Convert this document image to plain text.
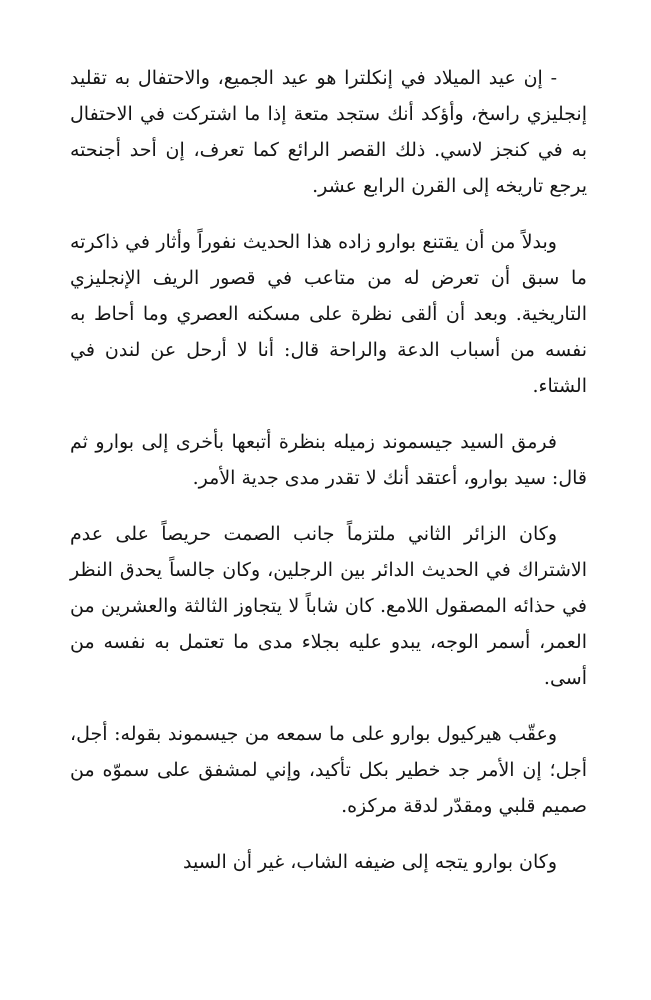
- إن عيد الميلاد في إنكلترا هو عيد الجميع، والاحتفال به تقليد إنجليزي راسخ، وأؤكد أنك ستجد متعة إذا ما اشتركت في الاحتفال به في كنجز لاسي. ذلك القصر الرائع كما تعرف، إن أحد أجنحته يرجع تاريخه إلى القرن الرابع عشر.

وبدلاً من أن يقتنع بوارو زاده هذا الحديث نفوراً وأثار في ذاكرته ما سبق أن تعرض له من متاعب في قصور الريف الإنجليزي التاريخية. وبعد أن ألقى نظرة على مسكنه العصري وما أحاط به نفسه من أسباب الدعة والراحة قال: أنا لا أرحل عن لندن في الشتاء.

فرمق السيد جيسموند زميله بنظرة أتبعها بأخرى إلى بوارو ثم قال: سيد بوارو، أعتقد أنك لا تقدر مدى جدية الأمر.

وكان الزائر الثاني ملتزماً جانب الصمت حريصاً على عدم الاشتراك في الحديث الدائر بين الرجلين، وكان جالساً يحدق النظر في حذائه المصقول اللامع. كان شاباً لا يتجاوز الثالثة والعشرين من العمر، أسمر الوجه، يبدو عليه بجلاء مدى ما تعتمل به نفسه من أسى.

وعقّب هيركيول بوارو على ما سمعه من جيسموند بقوله: أجل، أجل؛ إن الأمر جد خطير بكل تأكيد، وإني لمشفق على سموّه من صميم قلبي ومقدّر لدقة مركزه.

وكان بوارو يتجه إلى ضيفه الشاب، غير أن السيد
